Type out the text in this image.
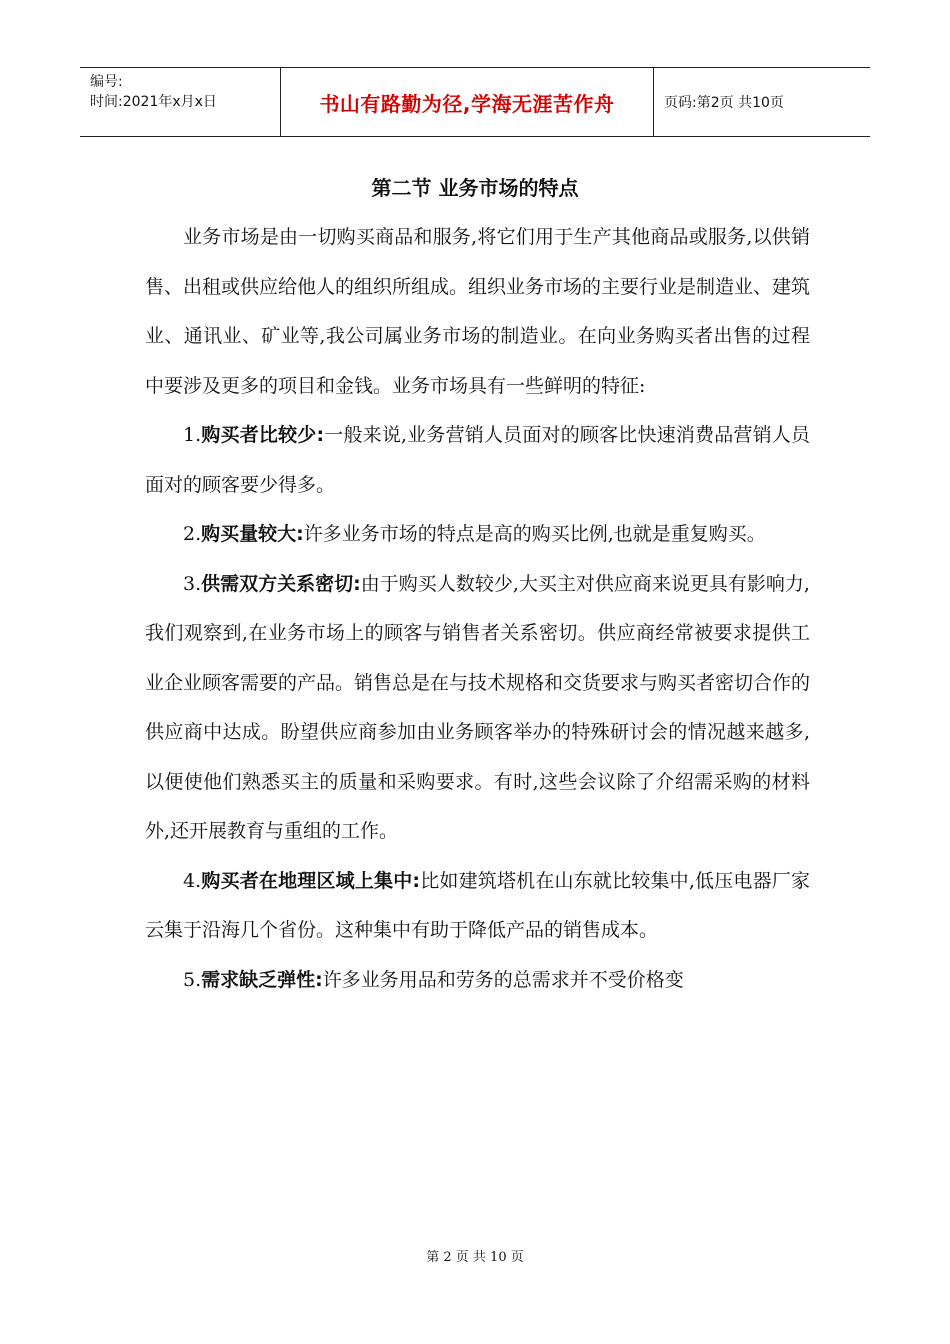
编号:
时间:2021年x月x日	书山有路勤为径,学海无涯苦作舟	页码:第2页 共10页
第二节 业务市场的特点

业务市场是由一切购买商品和服务,将它们用于生产其他商品或服务,以供销售、出租或供应给他人的组织所组成。组织业务市场的主要行业是制造业、建筑业、通讯业、矿业等,我公司属业务市场的制造业。在向业务购买者出售的过程中要涉及更多的项目和金钱。业务市场具有一些鲜明的特征:

1.购买者比较少:一般来说,业务营销人员面对的顾客比快速消费品营销人员面对的顾客要少得多。

2.购买量较大:许多业务市场的特点是高的购买比例,也就是重复购买。

3.供需双方关系密切:由于购买人数较少,大买主对供应商来说更具有影响力,我们观察到,在业务市场上的顾客与销售者关系密切。供应商经常被要求提供工业企业顾客需要的产品。销售总是在与技术规格和交货要求与购买者密切合作的供应商中达成。盼望供应商参加由业务顾客举办的特殊研讨会的情况越来越多,以便使他们熟悉买主的质量和采购要求。有时,这些会议除了介绍需采购的材料外,还开展教育与重组的工作。

4.购买者在地理区域上集中:比如建筑塔机在山东就比较集中,低压电器厂家云集于沿海几个省份。这种集中有助于降低产品的销售成本。

5.需求缺乏弹性:许多业务用品和劳务的总需求并不受价格变

第 2 页 共 10 页
